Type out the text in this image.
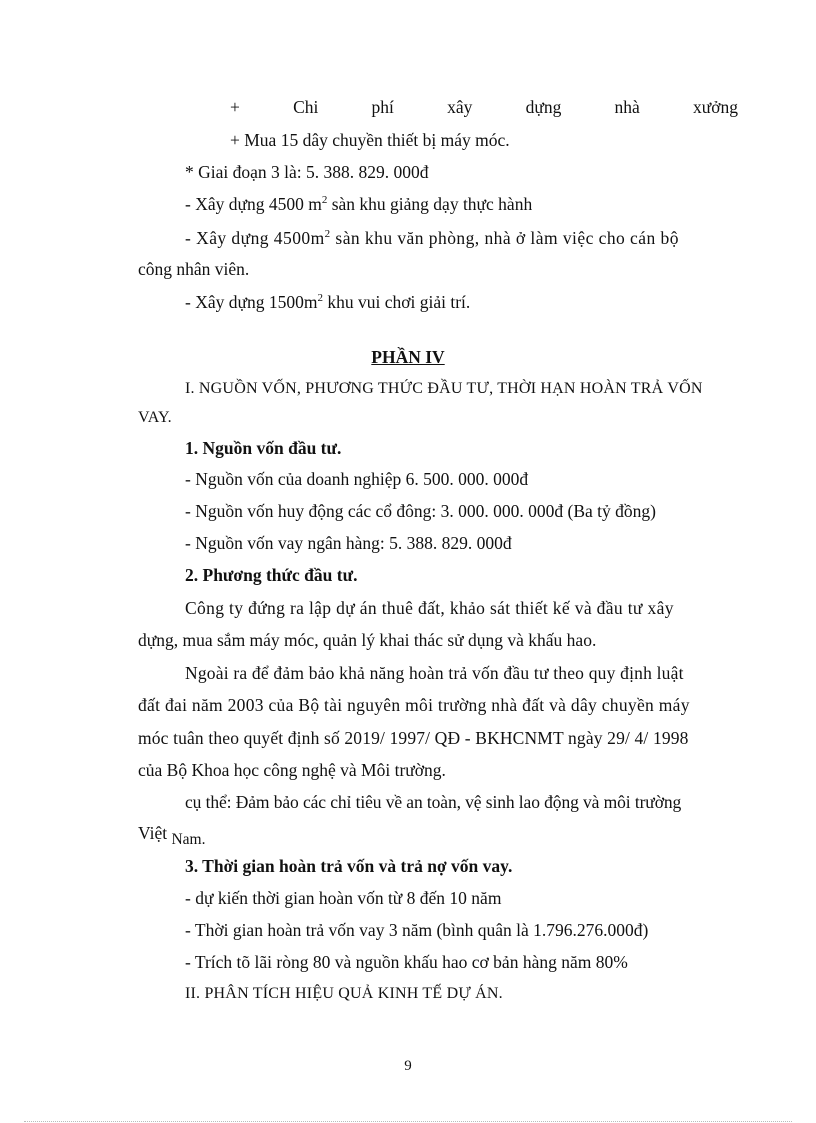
+	Chi	phí	xây	dựng	nhà	xưởng
+ Mua 15 dây chuyền thiết bị máy móc.
* Giai đoạn 3 là: 5. 388. 829. 000đ
- Xây dựng 4500 $m^2$ sàn khu giảng dạy thực hành
- Xây dựng $4500m^2$ sàn khu văn phòng, nhà ở làm việc cho cán bộ
công nhân viên.
- Xây dựng $1500m^2$ khu vui chơi giải trí.
PHẦN IV
I. NGUỒN VỐN, PHƯƠNG THỨC ĐẦU TƯ, THỜI HẠN HOÀN TRẢ VỐN
VAY.
1. Nguồn vốn đầu tư.
- Nguồn vốn của doanh nghiệp 6. 500. 000. 000đ
- Nguồn vốn huy động các cổ đông: 3. 000. 000. 000đ (Ba tỷ đồng)
- Nguồn vốn vay ngân hàng: 5. 388. 829. 000đ
2. Phương thức đầu tư.
Công ty đứng ra lập dự án thuê đất, khảo sát thiết kế và đầu tư xây
dựng, mua sắm máy móc, quản lý khai thác sử dụng và khấu hao.
Ngoài ra để đảm bảo khả năng hoàn trả vốn đầu tư theo quy định luật
đất đai năm 2003 của Bộ tài nguyên môi trường nhà đất và dây chuyền máy
móc tuân theo quyết định số 2019/ 1997/ QĐ - BKHCNMT ngày 29/ 4/ 1998
của Bộ Khoa học công nghệ và Môi trường.
cụ thể: Đảm bảo các chỉ tiêu về an toàn, vệ sinh lao động và môi trường
Việt Nam.
3. Thời gian hoàn trả vốn và trả nợ vốn vay.
- dự kiến thời gian hoàn vốn từ 8 đến 10 năm
- Thời gian hoàn trả vốn vay 3 năm (bình quân là 1.796.276.000đ)
- Trích tõ lãi ròng 80 và nguồn khấu hao cơ bản hàng năm 80%
II. PHÂN TÍCH HIỆU QUẢ KINH TẾ DỰ ÁN.
9
